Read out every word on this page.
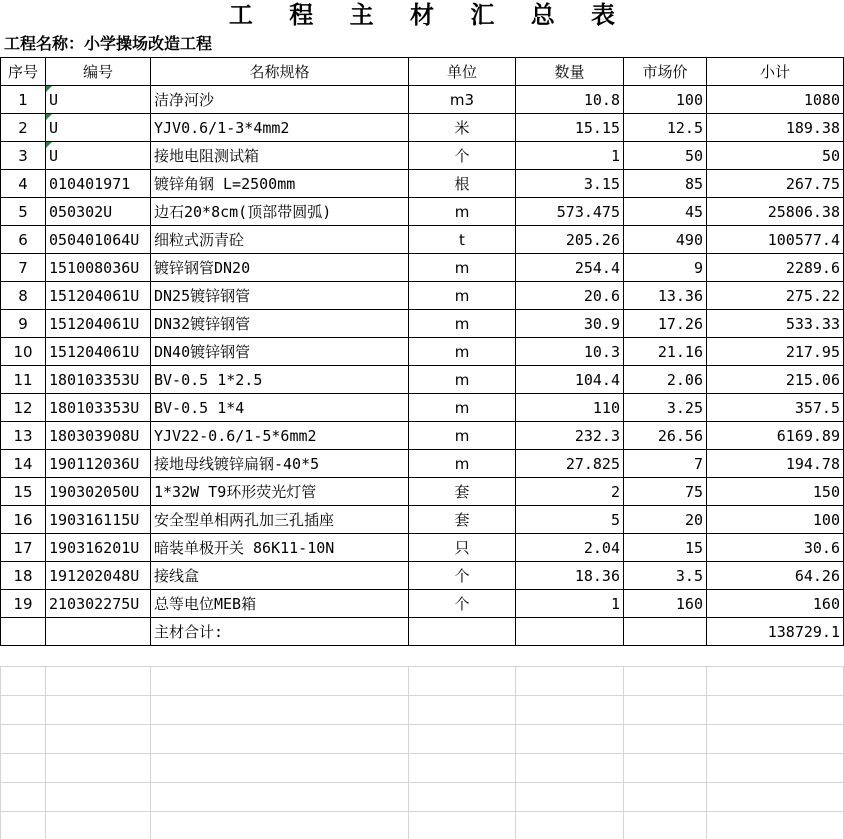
工 程 主 材 汇 总 表
工程名称：小学操场改造工程
序号	编号	名称规格	单位	数量	市场价	小计
1	U	洁净河沙	m3	10.8	100	1080
2	U	YJV0.6/1-3*4mm2	米	15.15	12.5	189.38
3	U	接地电阻测试箱	个	1	50	50
4	010401971	镀锌角钢 L=2500mm	根	3.15	85	267.75
5	050302U	边石20*8cm(顶部带圆弧)	m	573.475	45	25806.38
6	050401064U	细粒式沥青砼	t	205.26	490	100577.4
7	151008036U	镀锌钢管DN20	m	254.4	9	2289.6
8	151204061U	DN25镀锌钢管	m	20.6	13.36	275.22
9	151204061U	DN32镀锌钢管	m	30.9	17.26	533.33
10	151204061U	DN40镀锌钢管	m	10.3	21.16	217.95
11	180103353U	BV-0.5 1*2.5	m	104.4	2.06	215.06
12	180103353U	BV-0.5 1*4	m	110	3.25	357.5
13	180303908U	YJV22-0.6/1-5*6mm2	m	232.3	26.56	6169.89
14	190112036U	接地母线镀锌扁钢-40*5	m	27.825	7	194.78
15	190302050U	1*32W T9环形荧光灯管	套	2	75	150
16	190316115U	安全型单相两孔加三孔插座	套	5	20	100
17	190316201U	暗装单极开关 86K11-10N	只	2.04	15	30.6
18	191202048U	接线盒	个	18.36	3.5	64.26
19	210302275U	总等电位MEB箱	个	1	160	160
		主材合计:				138729.1
